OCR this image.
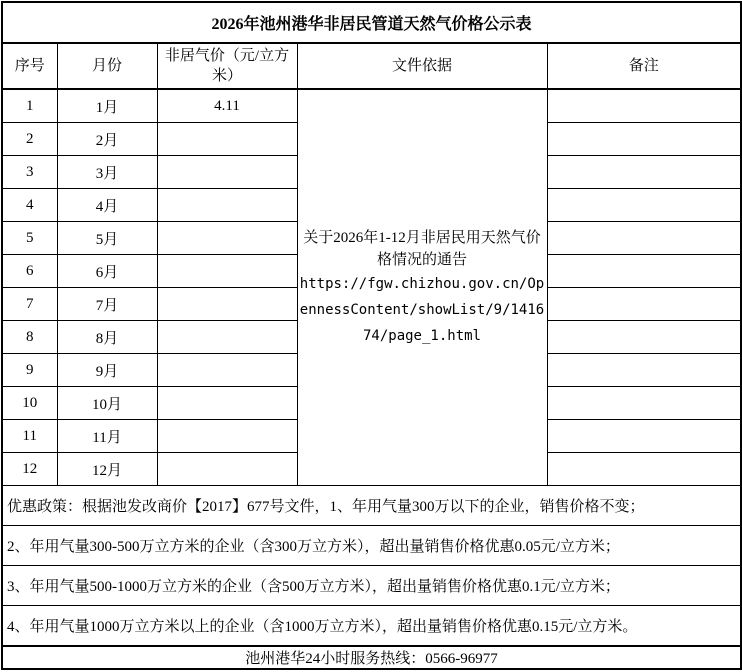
2026年池州港华非居民管道天然气价格公示表				
序号	月份	非居气价（元/立方米）	文件依据	备注
1	1月	4.11	关于2026年1-12月非居民用天然气价格情况的通告
https://fgw.chizhou.gov.cn/OpennessContent/showList/9/141674/page_1.html	

2	2月			
3	3月			
4	4月			
5	5月			
6	6月			
7	7月			
8	8月			
9	9月			
10	10月			
11	11月			
12	12月			
优惠政策：根据池发改商价【2017】677号文件，1、年用气量300万以下的企业，销售价格不变；				
2、年用气量300-500万立方米的企业（含300万立方米），超出量销售价格优惠0.05元/立方米；				
3、年用气量500-1000万立方米的企业（含500万立方米），超出量销售价格优惠0.1元/立方米；				
4、年用气量1000万立方米以上的企业（含1000万立方米），超出量销售价格优惠0.15元/立方米。				
池州港华24小时服务热线：0566-96977				
